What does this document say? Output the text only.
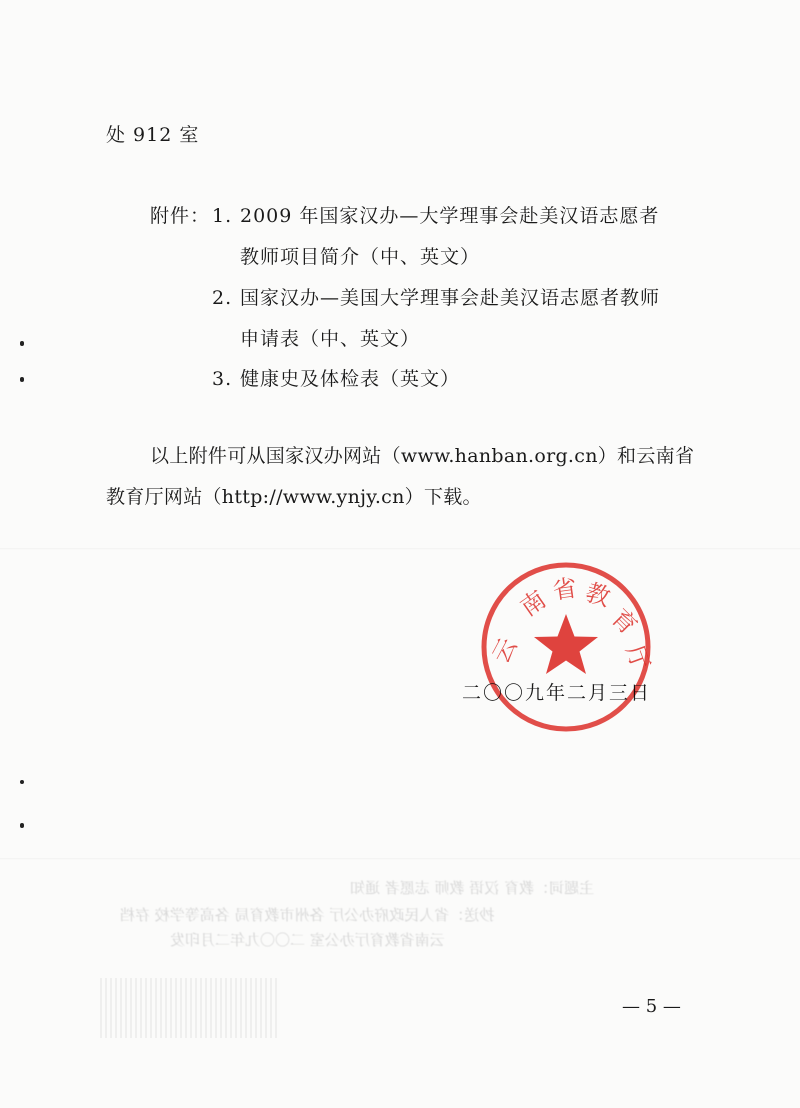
处 912 室
附件： 1. 2009 年国家汉办—大学理事会赴美汉语志愿者
教师项目简介（中、英文）
2. 国家汉办—美国大学理事会赴美汉语志愿者教师
申请表（中、英文）
3. 健康史及体检表（英文）
以上附件可从国家汉办网站（www.hanban.org.cn）和云南省
教育厅网站（http://www.ynjy.cn）下载。
二〇〇九年二月三日
云
南 省 教
育
厅
主题词：教育 汉语 教师 志愿者 通知
抄送：省人民政府办公厅 各州市教育局 各高等学校 存档
云南省教育厅办公室 二〇〇九年二月印发
— 5 —
